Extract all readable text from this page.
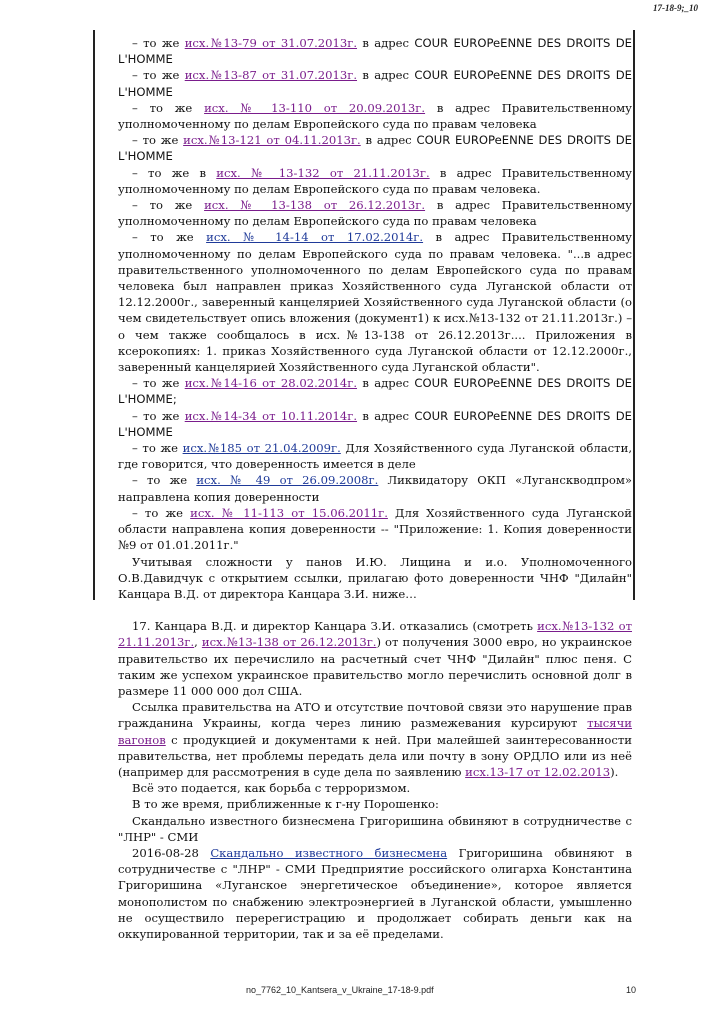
17-18-9;_10

– то же исх.№13-79 от 31.07.2013г. в адрес COUR EUROPeENNE DES DROITS DE L'HOMME

– то же исх.№13-87 от 31.07.2013г. в адрес COUR EUROPeENNE DES DROITS DE L'HOMME

– то же исх. № 13-110 от 20.09.2013г. в адрес Правительственному уполномоченному по делам Европейского суда по правам человека

– то же исх.№13-121 от 04.11.2013г. в адрес COUR EUROPeENNE DES DROITS DE L'HOMME

– то же в исх. № 13-132 от 21.11.2013г. в адрес Правительственному уполномоченному по делам Европейского суда по правам человека.

– то же исх. № 13-138 от 26.12.2013г. в адрес Правительственному уполномоченному по делам Европейского суда по правам человека

– то же исх. № 14-14 от 17.02.2014г. в адрес Правительственному уполномоченному по делам Европейского суда по правам человека. "...в адрес правительственного уполномоченного по делам Европейского суда по правам человека был направлен приказ Хозяйственного суда Луганской области от 12.12.2000г., заверенный канцелярией Хозяйственного суда Луганской области (о чем свидетельствует опись вложения (документ1) к исх.№13-132 от 21.11.2013г.) – о чем также сообщалось в исх.№13-138 от 26.12.2013г.... Приложения в ксерокопиях: 1. приказ Хозяйственного суда Луганской области от 12.12.2000г., заверенный канцелярией Хозяйственного суда Луганской области".

– то же исх.№14-16 от 28.02.2014г. в адрес COUR EUROPeENNE DES DROITS DE L'HOMME;

– то же исх.№14-34 от 10.11.2014г. в адрес COUR EUROPeENNE DES DROITS DE L'HOMME

– то же исх.№185 от 21.04.2009г. Для Хозяйственного суда Луганской области, где говорится, что доверенность имеется в деле

– то же исх. № 49 от 26.09.2008г. Ликвидатору ОКП «Луганскводпром» направлена копия доверенности

– то же исх. № 11-113 от 15.06.2011г. Для Хозяйственного суда Луганской области направлена копия доверенности -- "Приложение: 1. Копия доверенности №9 от 01.01.2011г."

Учитывая сложности у панов И.Ю. Лищина и и.о. Уполномоченного О.В.Давидчук с открытием ссылки, прилагаю фото доверенности ЧНФ "Дилайн" Канцара В.Д. от директора Канцара З.И. ниже…

17. Канцара В.Д. и директор Канцара З.И. отказались (смотреть исх.№13-132 от 21.11.2013г., исх.№13-138 от 26.12.2013г.) от получения 3000 евро, но украинское правительство их перечислило на расчетный счет ЧНФ "Дилайн" плюс пеня. С таким же успехом украинское правительство могло перечислить основной долг в размере 11 000 000 дол США.

Ссылка правительства на АТО и отсутствие почтовой связи это нарушение прав гражданина Украины, когда через линию размежевания курсируют тысячи вагонов с продукцией и документами к ней. При малейшей заинтересованности правительства, нет проблемы передать дела или почту в зону ОРДЛО или из неё (например для рассмотрения в суде дела по заявлению исх.13-17 от 12.02.2013).

Всё это подается, как борьба с терроризмом.

В то же время, приближенные к г-ну Порошенко:

Скандально известного бизнесмена Григоришина обвиняют в сотрудничестве с "ЛНР" - СМИ

2016-08-28 Скандально известного бизнесмена Григоришина обвиняют в сотрудничестве с "ЛНР" - СМИ Предприятие российского олигарха Константина Григоришина «Луганское энергетическое объединение», которое является монополистом по снабжению электроэнергией в Луганской области, умышленно не осуществило перерегистрацию и продолжает собирать деньги как на оккупированной территории, так и за её пределами.

no_7762_10_Kantsera_v_Ukraine_17-18-9.pdf	10
